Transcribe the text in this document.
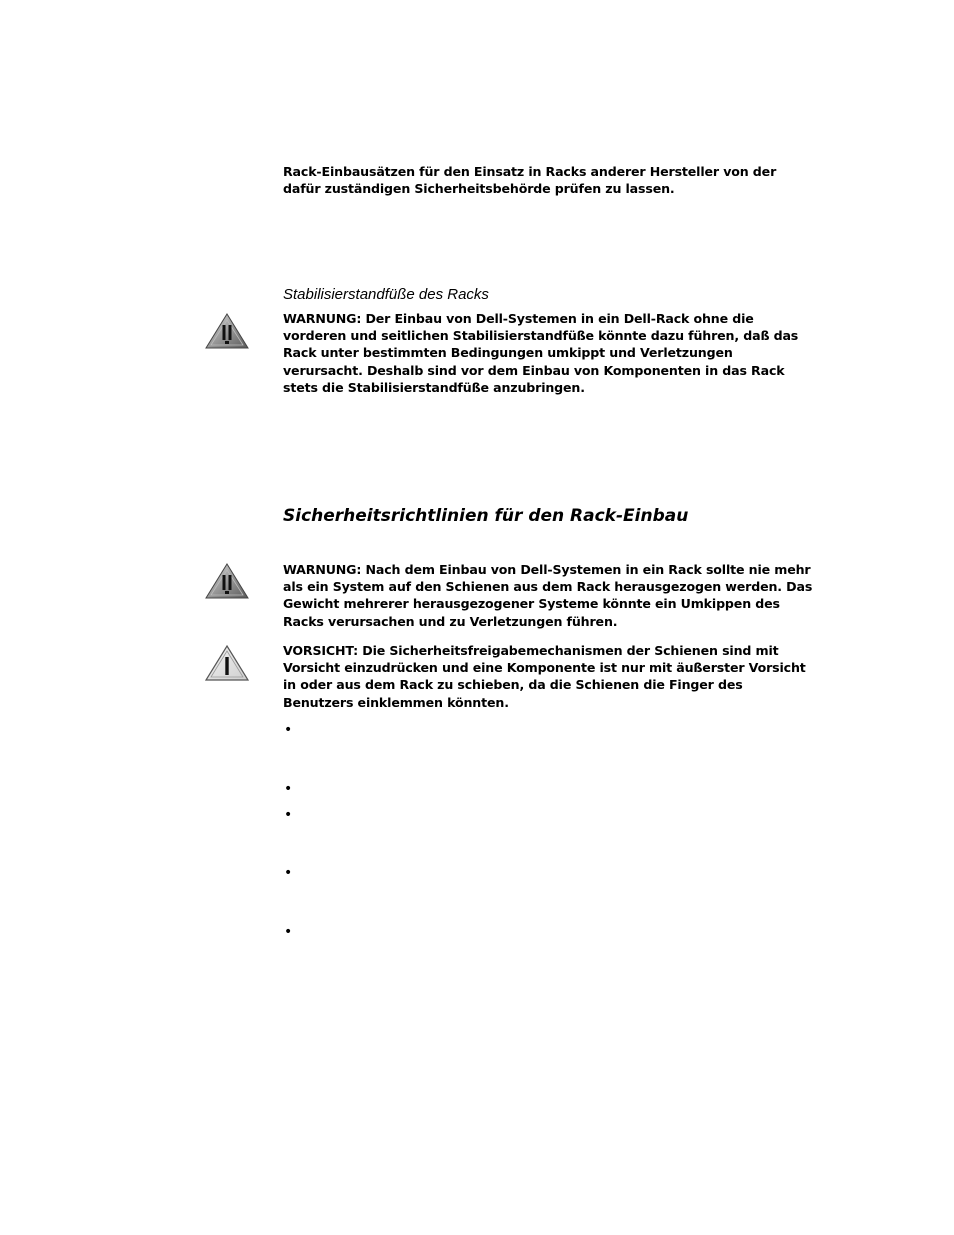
Rack-Einbausätzen für den Einsatz in Racks anderer Hersteller von der dafür zuständigen Sicherheitsbehörde prüfen zu lassen.

Stabilisierstandfüße des Racks

WARNUNG: Der Einbau von Dell-Systemen in ein Dell-Rack ohne die vorderen und seitlichen Stabilisierstandfüße könnte dazu führen, daß das Rack unter bestimmten Bedingungen umkippt und Verletzungen verursacht. Deshalb sind vor dem Einbau von Komponenten in das Rack stets die Stabilisierstandfüße anzubringen.

Sicherheitsrichtlinien für den Rack-Einbau

WARNUNG: Nach dem Einbau von Dell-Systemen in ein Rack sollte nie mehr als ein System auf den Schienen aus dem Rack herausgezogen werden. Das Gewicht mehrerer herausgezogener Systeme könnte ein Umkippen des Racks verursachen und zu Verletzungen führen.

VORSICHT: Die Sicherheitsfreigabemechanismen der Schienen sind mit Vorsicht einzudrücken und eine Komponente ist nur mit äußerster Vorsicht in oder aus dem Rack zu schieben, da die Schienen die Finger des Benutzers einklemmen könnten.

•
•
•
•
•
